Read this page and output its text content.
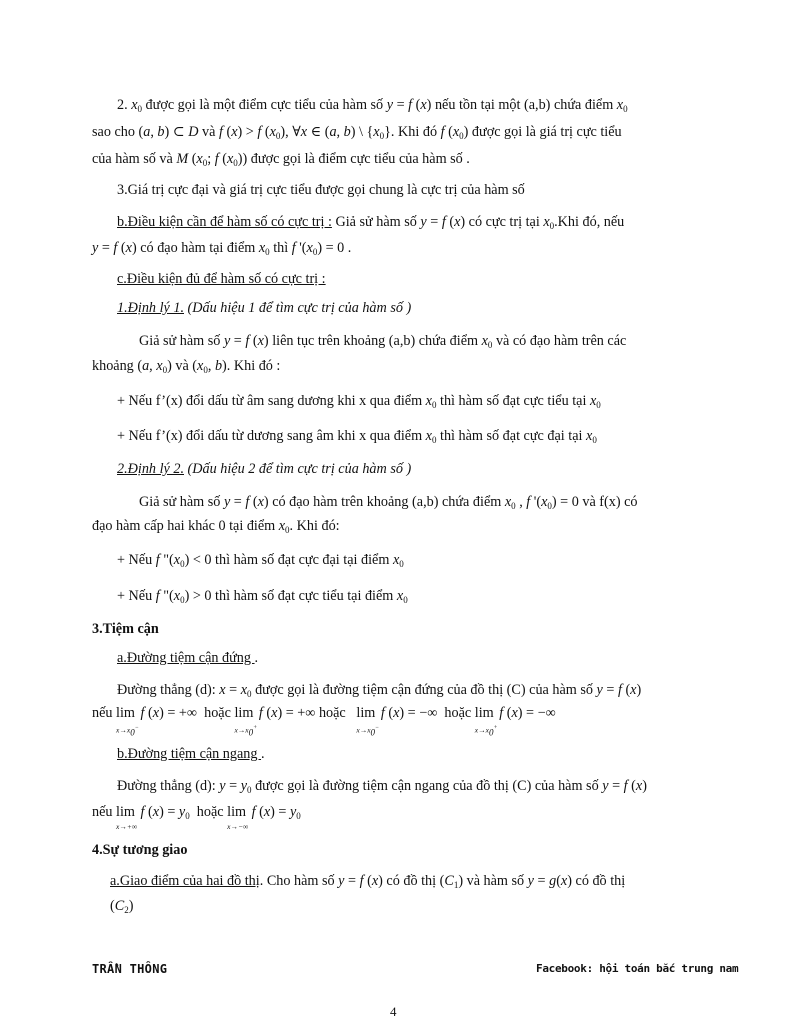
2. $x_0$ được gọi là một điểm cực tiểu của hàm số y = f (x) nếu tồn tại một (a,b) chứa điểm $x_0$
sao cho (a, b) ⊂ D và f (x) > f $(x_0)$, ∀x ∈ (a, b) \ $\{x_0\}$. Khi đó f $(x_0)$ được gọi là giá trị cực tiểu
của hàm số và M ($x_0$; f $(x_0)$) được gọi là điểm cực tiểu của hàm số .
3.Giá trị cực đại và giá trị cực tiểu được gọi chung là cực trị của hàm số
b.Điều kiện cần để hàm số có cực trị : Giả sử hàm số y = f (x) có cực trị tại $x_0.Khi$ đó, nếu
y = f (x) có đạo hàm tại điểm $x_0$ thì f '$(x_0) = 0$ .
c.Điều kiện đủ để hàm số có cực trị :
1.Định lý 1. (Dấu hiệu 1 để tìm cực trị của hàm số )
Giả sử hàm số y = f (x) liên tục trên khoảng (a,b) chứa điểm $x_0$ và có đạo hàm trên các
khoảng (a, $x_0$) và ($x_0$, b). Khi đó :
+ Nếu f’(x) đổi dấu từ âm sang dương khi x qua điểm $x_0$ thì hàm số đạt cực tiểu tại $x_0$
+ Nếu f’(x) đổi dấu từ dương sang âm khi x qua điểm $x_0$ thì hàm số đạt cực đại tại $x_0$
2.Định lý 2. (Dấu hiệu 2 để tìm cực trị của hàm số )
Giả sử hàm số y = f (x) có đạo hàm trên khoảng (a,b) chứa điểm $x_0$ , f '$(x_0) = 0$ và f(x) có
đạo hàm cấp hai khác 0 tại điểm $x_0$. Khi đó:
+ Nếu f "$(x_0) < 0$ thì hàm số đạt cực đại tại điểm $x_0$
+ Nếu f "$(x_0) > 0$ thì hàm số đạt cực tiểu tại điểm $x_0$
3.Tiệm cận
a.Đường tiệm cận đứng .
Đường thẳng (d): $x = x_0$ được gọi là đường tiệm cận đứng của đồ thị (C) của hàm số y = f (x)
nếu lim
$x\to x_0^-$
f (x) = +∞  hoặc lim
$x\to x_0^+$
f (x) = +∞ hoặc lim
$x\to x_0^-$
f (x) = −∞  hoặc lim
$x\to x_0^+$
f (x) = −∞
b.Đường tiệm cận ngang .
Đường thẳng (d): $y = y_0$ được gọi là đường tiệm cận ngang của đồ thị (C) của hàm số y = f (x)
nếu lim
x→+∞
f $(x) = y_0$ hoặc lim
x→−∞
f $(x) = y_0$
4.Sự tương giao
a.Giao điểm của hai đồ thị. Cho hàm số y = f (x) có đồ thị $(C_1)$ và hàm số y = g(x) có đồ thị
$(C_2)$
TRẦN THÔNG	Facebook: hội toán bắc trung nam
4
